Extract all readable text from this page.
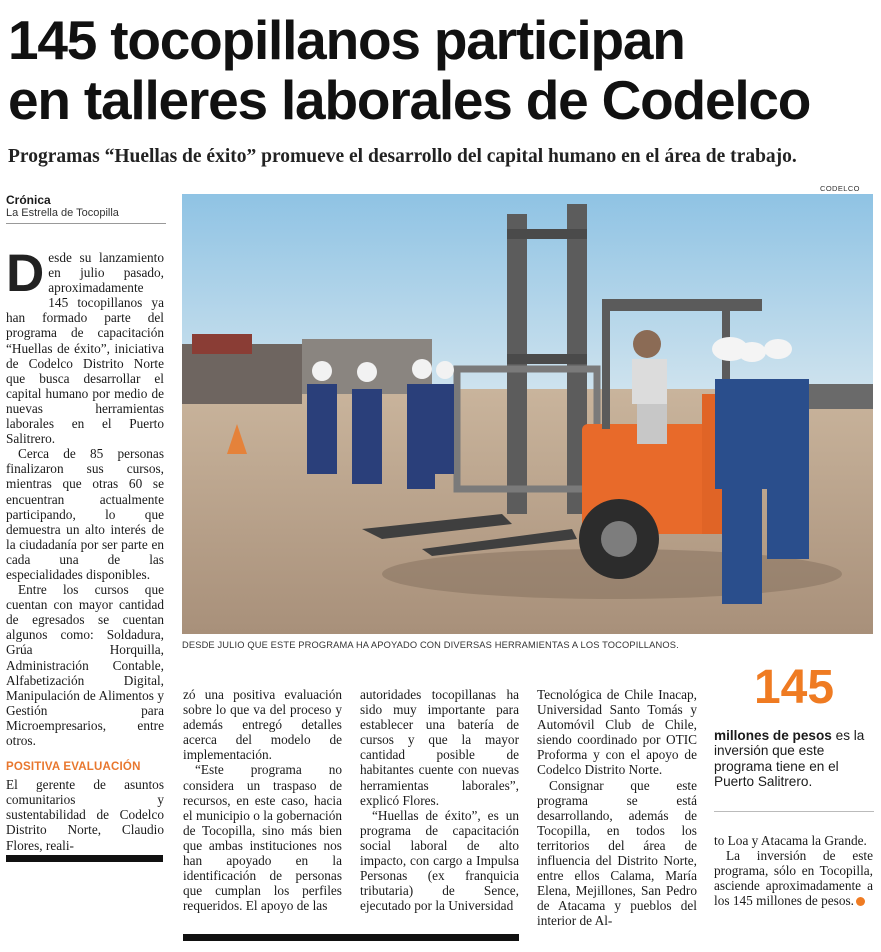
145 tocopillanos participan
en talleres laborales de Codelco
Programas “Huellas de éxito” promueve el desarrollo del capital humano en el área de trabajo.
Crónica
La Estrella de Tocopilla
CODELCO
DESDE JULIO QUE ESTE PROGRAMA HA APOYADO CON DIVERSAS HERRAMIENTAS A LOS TOCOPILLANOS.

Desde su lanzamiento en julio pasado, aproximadamente 145 tocopillanos ya han formado parte del programa de capacitación “Huellas de éxito”, iniciativa de Codelco Distrito Norte que busca desarrollar el capital humano por medio de nuevas herramientas laborales en el Puerto Salitrero.

Cerca de 85 personas finalizaron sus cursos, mientras que otras 60 se encuentran actualmente participando, lo que demuestra un alto interés de la ciudadanía por ser parte en cada una de las especialidades disponibles.

Entre los cursos que cuentan con mayor cantidad de egresados se cuentan algunos como: Soldadura, Grúa Horquilla, Administración Contable, Alfabetización Digital, Manipulación de Alimentos y Gestión para Microempresarios, entre otros.

POSITIVA EVALUACIÓN

El gerente de asuntos comunitarios y sustentabilidad de Codelco Distrito Norte, Claudio Flores, reali-

zó una positiva evaluación sobre lo que va del proceso y además entregó detalles acerca del modelo de implementación.

“Este programa no considera un traspaso de recursos, en este caso, hacia el municipio o la gobernación de Tocopilla, sino más bien que ambas instituciones nos han apoyado en la identificación de personas que cumplan los perfiles requeridos. El apoyo de las

autoridades tocopillanas ha sido muy importante para establecer una batería de cursos y que la mayor cantidad posible de habitantes cuente con nuevas herramientas laborales”, explicó Flores.

“Huellas de éxito”, es un programa de capacitación social laboral de alto impacto, con cargo a Impulsa Personas (ex franquicia tributaria) de Sence, ejecutado por la Universidad

Tecnológica de Chile Inacap, Universidad Santo Tomás y Automóvil Club de Chile, siendo coordinado por OTIC Proforma y con el apoyo de Codelco Distrito Norte.

Consignar que este programa se está desarrollando, además de Tocopilla, en todos los territorios del área de influencia del Distrito Norte, entre ellos Calama, María Elena, Mejillones, San Pedro de Atacama y pueblos del interior de Al-

145
millones de pesos es la inversión que este programa tiene en el Puerto Salitrero.

to Loa y Atacama la Grande.

La inversión de este programa, sólo en Tocopilla, asciende aproximadamente a los 145 millones de pesos.
